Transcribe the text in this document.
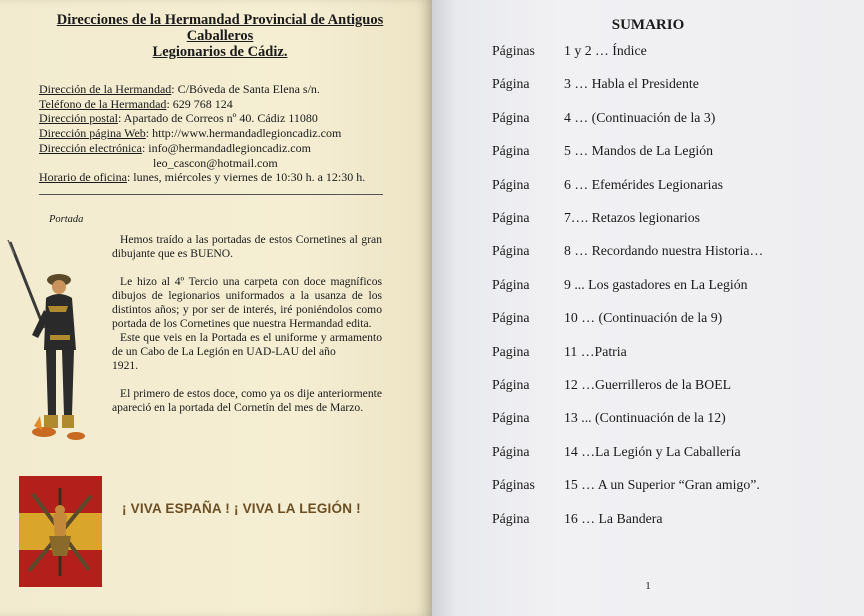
Direcciones de la Hermandad Provincial de Antiguos
Caballeros
Legionarios de Cádiz.
Dirección de la Hermandad: C/Bóveda de Santa Elena s/n.
Teléfono de la Hermandad: 629 768 124
Dirección postal: Apartado de Correos nº 40. Cádiz 11080
Dirección página Web: http://www.hermandadlegioncadiz.com
Dirección electrónica: info@hermandadlegioncadiz.com
leo_cascon@hotmail.com
Horario de oficina: lunes, miércoles y viernes de 10:30 h. a 12:30 h.
Portada

Hemos traído a las portadas de estos Cornetines al gran dibujante que es BUENO.

Le hizo al 4º Tercio una carpeta con doce magníficos dibujos de legionarios uniformados a la usanza de los distintos años; y por ser de interés, iré poniéndolos como portada de los Cornetines que nuestra Hermandad edita.

Este que veis en la Portada es el uniforme y armamento de un Cabo de La Legión en UAD-LAU del año

1921.

El primero de estos doce, como ya os dije anteriormente apareció en la portada del Cornetín del mes de Marzo.

¡ VIVA ESPAÑA ! ¡ VIVA LA LEGIÓN !
SUMARIO
Páginas 1 y 2 … Índice
Página 3 … Habla el Presidente
Página 4 … (Continuación de la 3)
Página 5 … Mandos de La Legión
Página 6 … Efemérides Legionarias
Página 7…. Retazos legionarios
Página 8 … Recordando nuestra Historia…
Página 9 ... Los gastadores en La Legión
Página 10 … (Continuación de la 9)
Pagina 11 …Patria
Página 12 …Guerrilleros de la BOEL
Página 13 ... (Continuación de la 12)
Página 14 …La Legión y La Caballería
Páginas 15 … A un Superior “Gran amigo”.
Página 16 … La Bandera
1
